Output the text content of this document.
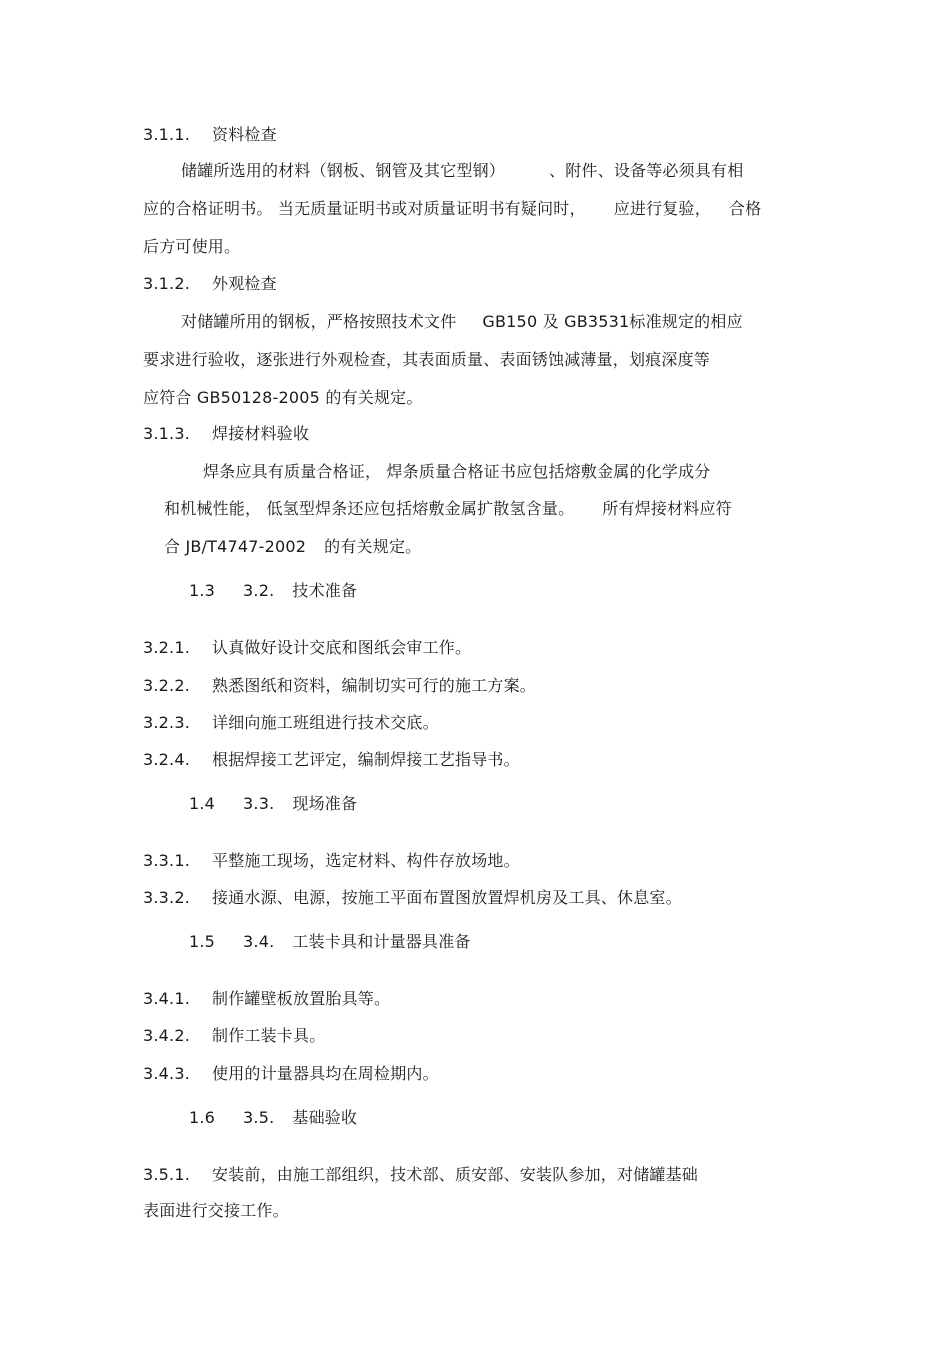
3.1.1. 资料检查
储罐所选用的材料（钢板、钢管及其它型钢）	、附件、设备等必须具有相
应的合格证明书。 当无质量证明书或对质量证明书有疑问时， 应进行复验， 合格
后方可使用。
3.1.2. 外观检查
对储罐所用的钢板，严格按照技术文件 GB150 及 GB3531标准规定的相应
要求进行验收，逐张进行外观检查，其表面质量、表面锈蚀减薄量，划痕深度等
应符合 GB50128-2005 的有关规定。
3.1.3. 焊接材料验收
焊条应具有质量合格证， 焊条质量合格证书应包括熔敷金属的化学成分
和机械性能， 低氢型焊条还应包括熔敷金属扩散氢含量。 所有焊接材料应符
合 JB/T4747-2002 的有关规定。
1.3 3.2. 技术准备
3.2.1. 认真做好设计交底和图纸会审工作。
3.2.2. 熟悉图纸和资料，编制切实可行的施工方案。
3.2.3. 详细向施工班组进行技术交底。
3.2.4. 根据焊接工艺评定，编制焊接工艺指导书。
1.4 3.3. 现场准备
3.3.1. 平整施工现场，选定材料、构件存放场地。
3.3.2. 接通水源、电源，按施工平面布置图放置焊机房及工具、休息室。
1.5 3.4. 工装卡具和计量器具准备
3.4.1. 制作罐壁板放置胎具等。
3.4.2. 制作工装卡具。
3.4.3. 使用的计量器具均在周检期内。
1.6 3.5. 基础验收
3.5.1. 安装前，由施工部组织，技术部、质安部、安装队参加，对储罐基础
表面进行交接工作。
